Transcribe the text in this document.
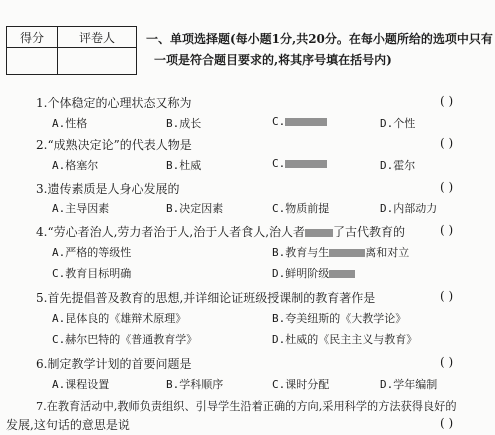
得分	评卷人
		一、单项选择题(每小题1分,共20分。在每小题所给的选项中只有
一项是符合题目要求的,将其序号填在括号内)
1.个体稳定的心理状态又称为	( )
A.性格	B.成长	C.	D.个性
2.“成熟决定论”的代表人物是	( )
A.格塞尔	B.杜威	C.	D.霍尔
3.遗传素质是人身心发展的	( )
A.主导因素	B.决定因素	C.物质前提	D.内部动力
4.“劳心者治人,劳力者治于人,治于人者食人,治人者 了古代教育的	( )
A.严格的等级性	B.教育与生	离和对立
C.教育目标明确	D.鲜明阶级
5.首先提倡普及教育的思想,并详细论证班级授课制的教育著作是	( )
A.昆体良的《雄辩术原理》	B.夸美纽斯的《大教学论》
C.赫尔巴特的《普通教育学》	D.杜威的《民主主义与教育》
6.制定教学计划的首要问题是	( )
A.课程设置	B.学科顺序	C.课时分配	D.学年编制
7.在教育活动中,教师负责组织、引导学生沿着正确的方向,采用科学的方法获得良好的
发展,这句话的意思是说	( )
